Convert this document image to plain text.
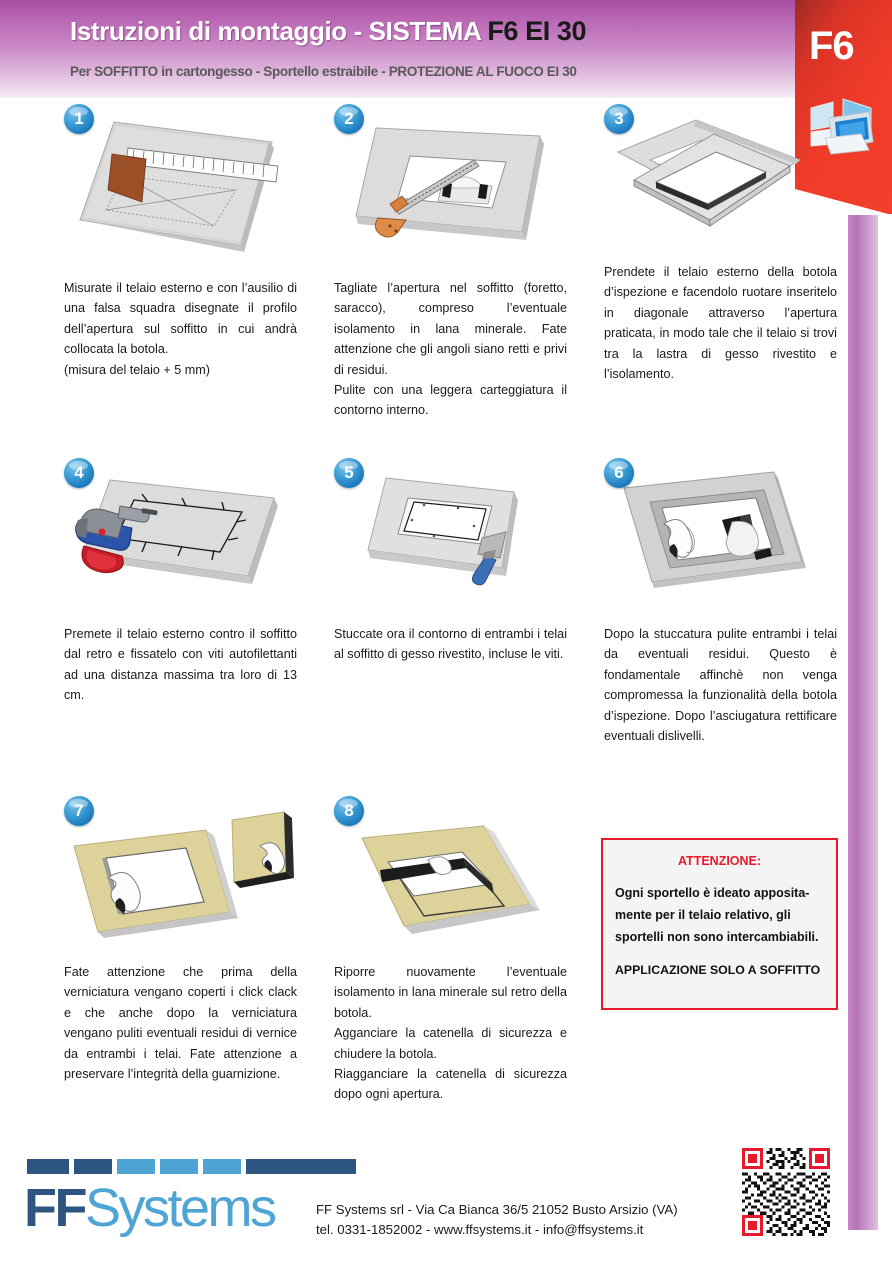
Istruzioni di montaggio - SISTEMA F6 EI 30
Per SOFFITTO in cartongesso - Sportello estraibile - PROTEZIONE AL FUOCO EI 30
F6
1

Misurate il telaio esterno e con l’ausilio di una falsa squadra disegnate il profilo dell’apertura sul soffitto in cui andrà collocata la botola.

(misura del telaio + 5 mm)

2

Tagliate l’apertura nel soffitto (foretto, saracco), compreso l’eventuale isolamento in lana minerale. Fate attenzione che gli angoli siano retti e privi di residui.

Pulite con una leggera carteggiatura il contorno interno.

3

Prendete il telaio esterno della botola d’ispezione e facendolo ruotare inseritelo in diagonale attraverso l’apertura praticata, in modo tale che il telaio si trovi tra la lastra di gesso rivestito e l’isolamento.

4

Premete il telaio esterno contro il soffitto dal retro e fissatelo con viti autofilettanti ad una distanza massima tra loro di 13 cm.

5

Stuccate ora il contorno di entrambi i telai al soffitto di gesso rivestito, incluse le viti.

6

Dopo la stuccatura pulite entrambi i telai da eventuali residui. Questo è fondamentale affinchè non venga compromessa la funzionalità della botola d’ispezione. Dopo l’asciugatura rettificare eventuali dislivelli.

7

Fate attenzione che prima della verniciatura vengano coperti i click clack e che anche dopo la verniciatura vengano puliti eventuali residui di vernice da entrambi i telai. Fate attenzione a preservare l’integrità della guarnizione.

8

Riporre nuovamente l’eventuale isolamento in lana minerale sul retro della botola.

Agganciare la catenella di sicurezza e chiudere la botola.

Riagganciare la catenella di sicurezza dopo ogni apertura.

ATTENZIONE:

Ogni sportello è ideato apposita-

mente per il telaio relativo, gli

sportelli non sono intercambiabili.

APPLICAZIONE SOLO A SOFFITTO
FFSystems	FF Systems srl - Via Ca Bianca 36/5 21052 Busto Arsizio (VA)
tel. 0331-1852002 - www.ffsystems.it - info@ffsystems.it
